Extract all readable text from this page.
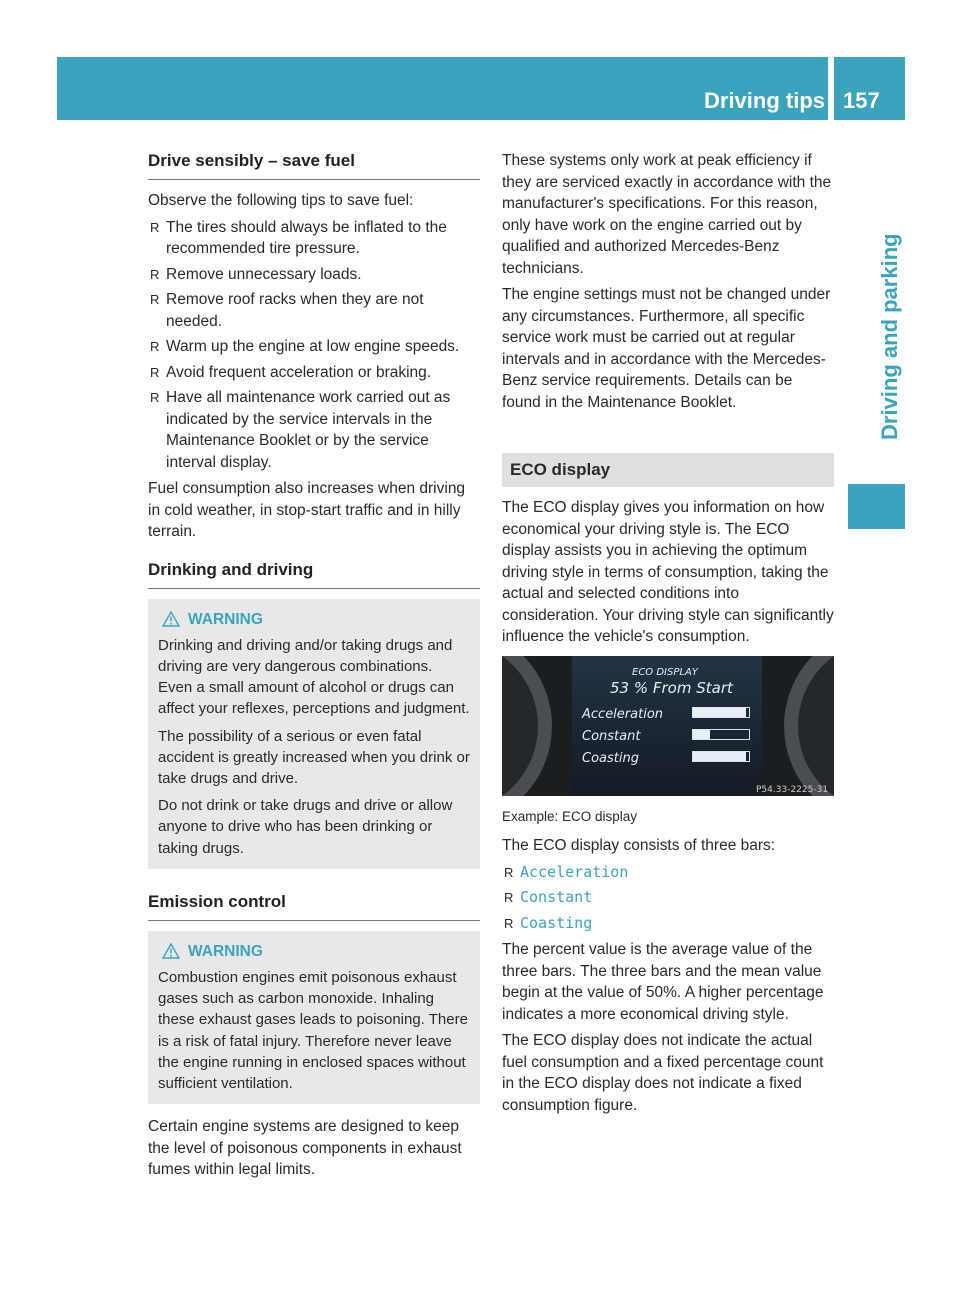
Driving tips 157
Driving and parking
Drive sensibly – save fuel

Observe the following tips to save fuel:

R The tires should always be inflated to the recommended tire pressure.
R Remove unnecessary loads.
R Remove roof racks when they are not needed.
R Warm up the engine at low engine speeds.
R Avoid frequent acceleration or braking.
R Have all maintenance work carried out as indicated by the service intervals in the Maintenance Booklet or by the service interval display.

Fuel consumption also increases when driving in cold weather, in stop-start traffic and in hilly terrain.

Drinking and driving
WARNING

Drinking and driving and/or taking drugs and driving are very dangerous combinations. Even a small amount of alcohol or drugs can affect your reflexes, perceptions and judgment.

The possibility of a serious or even fatal accident is greatly increased when you drink or take drugs and drive.

Do not drink or take drugs and drive or allow anyone to drive who has been drinking or taking drugs.

Emission control
WARNING

Combustion engines emit poisonous exhaust gases such as carbon monoxide. Inhaling these exhaust gases leads to poisoning. There is a risk of fatal injury. Therefore never leave the engine running in enclosed spaces without sufficient ventilation.

Certain engine systems are designed to keep the level of poisonous components in exhaust fumes within legal limits.

These systems only work at peak efficiency if they are serviced exactly in accordance with the manufacturer's specifications. For this reason, only have work on the engine carried out by qualified and authorized Mercedes-Benz technicians.

The engine settings must not be changed under any circumstances. Furthermore, all specific service work must be carried out at regular intervals and in accordance with the Mercedes-Benz service requirements. Details can be found in the Maintenance Booklet.

ECO display

The ECO display gives you information on how economical your driving style is. The ECO display assists you in achieving the optimum driving style in terms of consumption, taking the actual and selected conditions into consideration. Your driving style can significantly influence the vehicle's consumption.

ECO DISPLAY
53 % From Start
Acceleration
Constant
Coasting
P54.33-2225-31

Example: ECO display

The ECO display consists of three bars:

R Acceleration
R Constant
R Coasting

The percent value is the average value of the three bars. The three bars and the mean value begin at the value of 50%. A higher percentage indicates a more economical driving style.

The ECO display does not indicate the actual fuel consumption and a fixed percentage count in the ECO display does not indicate a fixed consumption figure.
